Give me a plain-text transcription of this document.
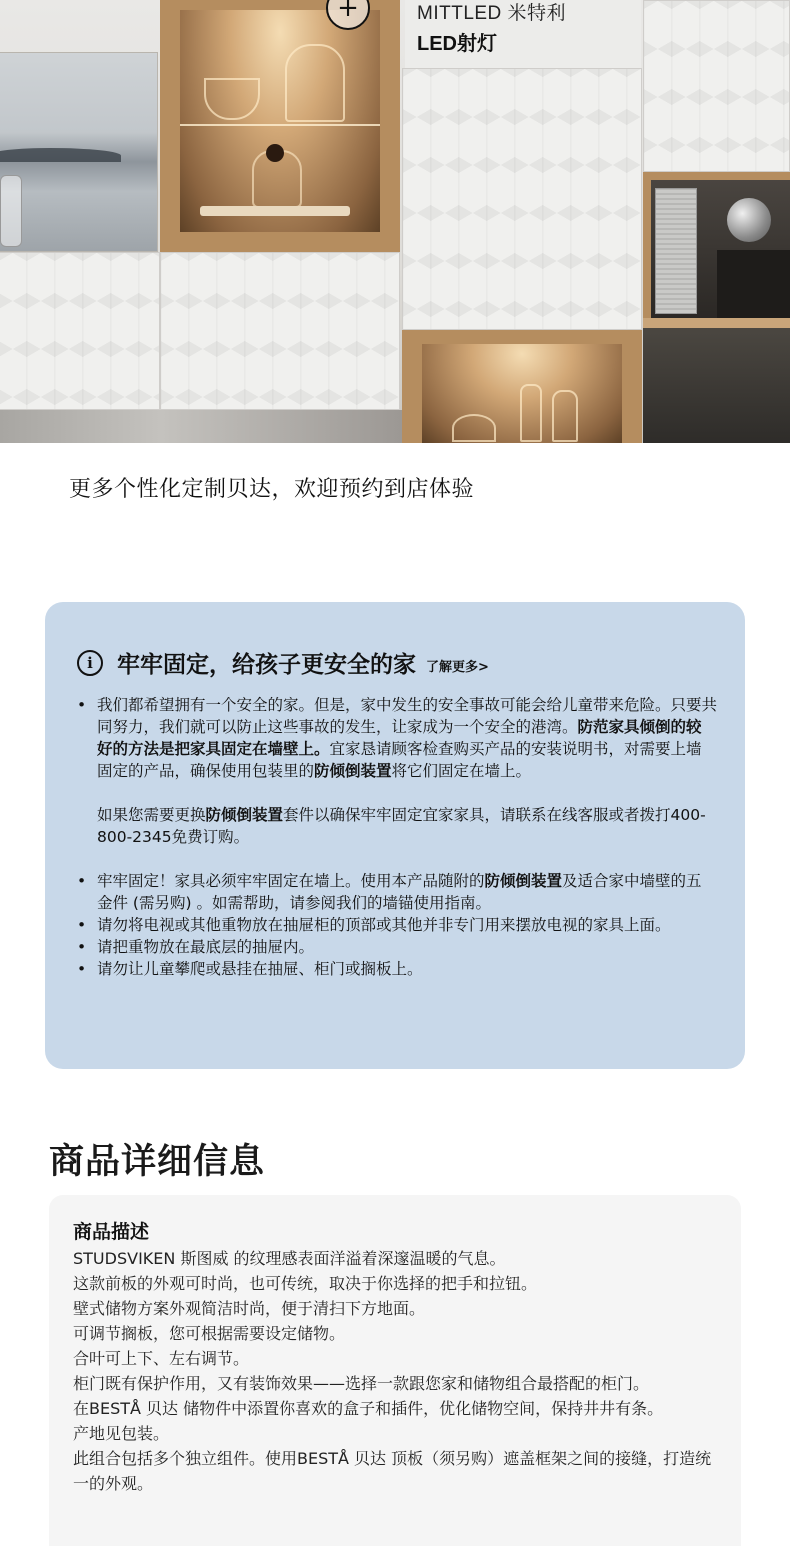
+	MITTLED 米特利
LED射灯
更多个性化定制贝达，欢迎预约到店体验
i	牢牢固定，给孩子更安全的家 了解更多>
• 我们都希望拥有一个安全的家。但是，家中发生的安全事故可能会给儿童带来危险。只要共同努力，我们就可以防止这些事故的发生，让家成为一个安全的港湾。防范家具倾倒的较好的方法是把家具固定在墙壁上。宜家恳请顾客检查购买产品的安装说明书，对需要上墙固定的产品，确保使用包装里的防倾倒装置将它们固定在墙上。
如果您需要更换防倾倒装置套件以确保牢牢固定宜家家具，请联系在线客服或者拨打400-800-2345免费订购。
• 牢牢固定！家具必须牢牢固定在墙上。使用本产品随附的防倾倒装置及适合家中墙壁的五金件 (需另购) 。如需帮助，请参阅我们的墙锚使用指南。
• 请勿将电视或其他重物放在抽屉柜的顶部或其他并非专门用来摆放电视的家具上面。
• 请把重物放在最底层的抽屉内。
• 请勿让儿童攀爬或悬挂在抽屉、柜门或搁板上。
商品详细信息
商品描述
STUDSVIKEN 斯图威 的纹理感表面洋溢着深邃温暖的气息。
这款前板的外观可时尚，也可传统，取决于你选择的把手和拉钮。
壁式储物方案外观简洁时尚，便于清扫下方地面。
可调节搁板，您可根据需要设定储物。
合叶可上下、左右调节。
柜门既有保护作用，又有装饰效果——选择一款跟您家和储物组合最搭配的柜门。
在BESTÅ 贝达 储物件中添置你喜欢的盒子和插件，优化储物空间，保持井井有条。
产地见包装。
此组合包括多个独立组件。使用BESTÅ 贝达 顶板（须另购）遮盖框架之间的接缝，打造统一的外观。
